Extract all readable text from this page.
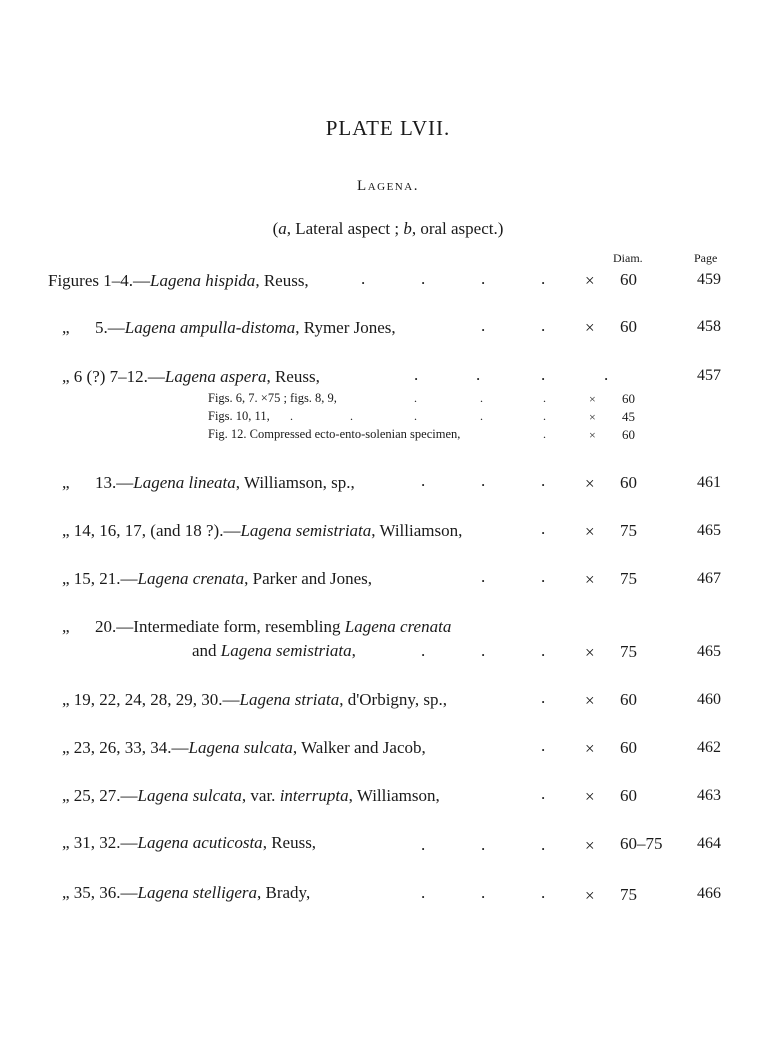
PLATE LVII.
Lagena.
(a, Lateral aspect ; b, oral aspect.)
Diam.	Page
Figures 1–4.—Lagena hispida, Reuss,	.	.	.	. × 60	459
„      5.—Lagena ampulla-distoma, Rymer Jones,	.	. × 60	458
„ 6 (?) 7–12.—Lagena aspera, Reuss,	.	.	.	.	457
Figs. 6, 7. ×75 ; figs. 8, 9,	.	.	.	× 60
Figs. 10, 11, .	.	.	.	.	× 45
Fig. 12. Compressed ecto-ento-solenian specimen,	.	× 60
„      13.—Lagena lineata, Williamson, sp.,	.	.	. × 60	461
„ 14, 16, 17, (and 18 ?).—Lagena semistriata, Williamson,	. × 75	465
„ 15, 21.—Lagena crenata, Parker and Jones,	.	. × 75	467
„      20.—Intermediate form, resembling Lagena crenata
and Lagena semistriata,	.	.	. × 75	465
„ 19, 22, 24, 28, 29, 30.—Lagena striata, d'Orbigny, sp.,	. × 60	460
„ 23, 26, 33, 34.—Lagena sulcata, Walker and Jacob,	. × 60	462
„ 25, 27.—Lagena sulcata, var. interrupta, Williamson,	. × 60	463
„ 31, 32.—Lagena acuticosta, Reuss,	.	.	. × 60–75 464
„ 35, 36.—Lagena stelligera, Brady,	.	.	. × 75	466
